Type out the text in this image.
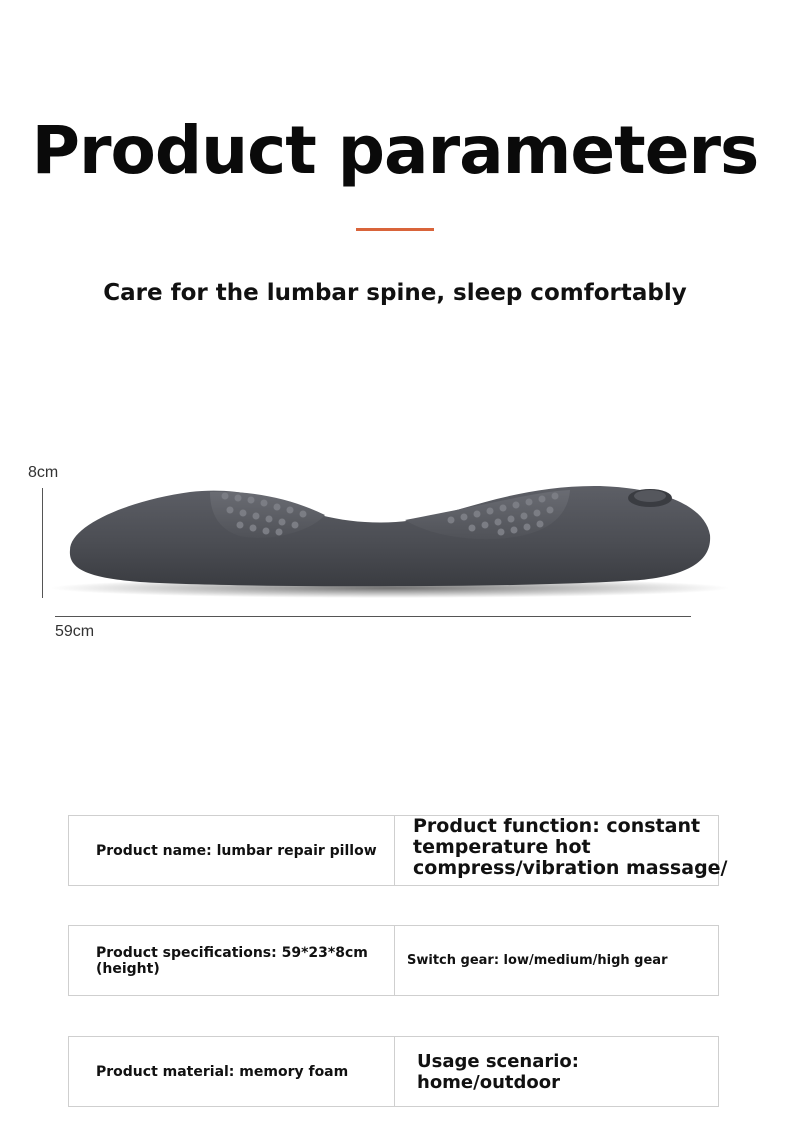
Product parameters
Care for the lumbar spine, sleep comfortably
8cm
59cm
Product name: lumbar repair pillow
Product function: constant temperature hot compress/vibration massage/
Product specifications: 59*23*8cm (height)	Switch gear: low/medium/high gear
Product material: memory foam	Usage scenario: home/outdoor
